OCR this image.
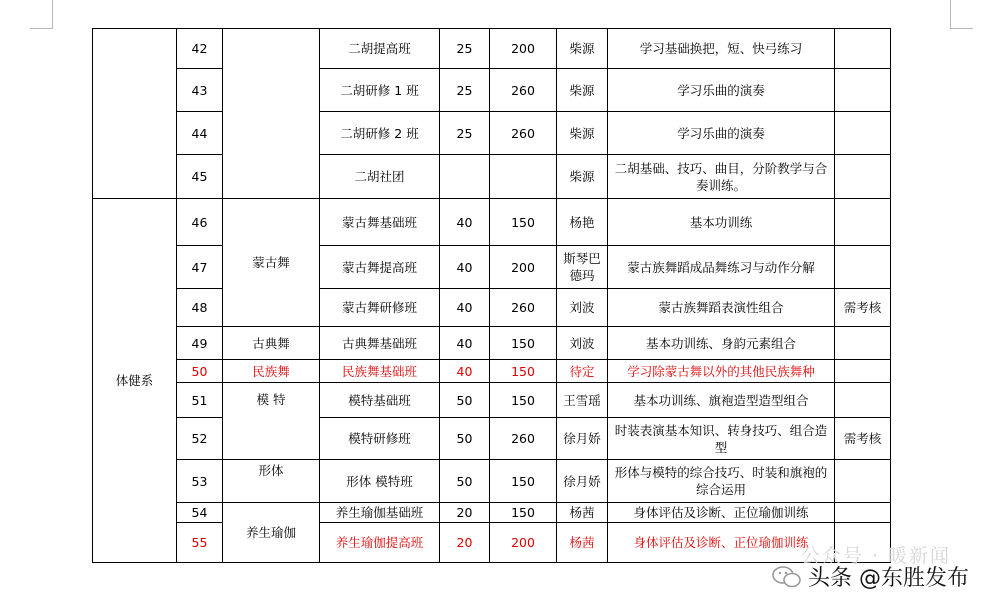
	42		二胡提高班	25	200	柴源	学习基础换把，短、快弓练习	
	43		二胡研修 1 班	25	260	柴源	学习乐曲的演奏	
	44		二胡研修 2 班	25	260	柴源	学习乐曲的演奏	
	45		二胡社团			柴源	二胡基础、技巧、曲目，分阶教学与合奏训练。	
体健系	46	蒙古舞	蒙古舞基础班	40	150	杨艳	基本功训练	
	47		蒙古舞提高班	40	200	斯琴巴德玛	蒙古族舞蹈成品舞练习与动作分解	
	48		蒙古舞研修班	40	260	刘波	蒙古族舞蹈表演性组合	需考核
	49	古典舞	古典舞基础班	40	150	刘波	基本功训练、身韵元素组合	
	50	民族舞	民族舞基础班	40	150	待定	学习除蒙古舞以外的其他民族舞种	
	51	模 特	模特基础班	50	150	王雪瑶	基本功训练、旗袍造型造型组合	
	52		模特研修班	50	260	徐月娇	时装表演基本知识、转身技巧、组合造型	需考核
	53	形体	形体 模特班	50	150	徐月娇	形体与模特的综合技巧、时装和旗袍的综合运用	
	54	养生瑜伽	养生瑜伽基础班	20	150	杨茜	身体评估及诊断、正位瑜伽训练	
	55		养生瑜伽提高班	20	200	杨茜	身体评估及诊断、正位瑜伽训练	
公众号 · 暖新闻
头条 @东胜发布
